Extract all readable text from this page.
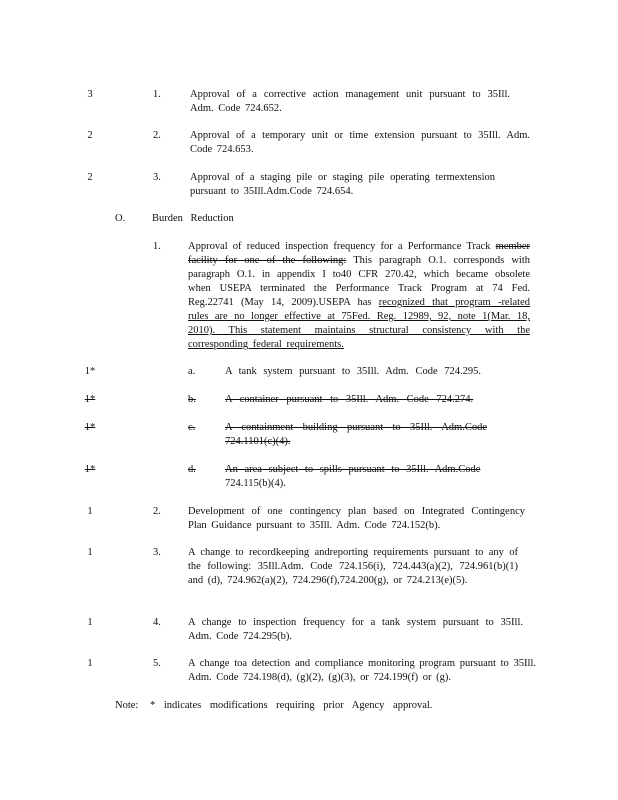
3	1.	Approval of a corrective action management unit pursuant to 35Ill. Adm. Code 724.652.
2	2.	Approval of a temporary unit or time extension pursuant to 35Ill. Adm. Code 724.653.
2	3.	Approval of a staging pile or staging pile operating termextension pursuant to 35Ill.Adm.Code 724.654.
O.	Burden Reduction
1.	Approval of reduced inspection frequency for a Performance Track member facility for one of the following: This paragraph O.1. corresponds with paragraph O.1. in appendix I to40 CFR 270.42, which became obsolete when USEPA terminated the Performance Track Program at 74 Fed. Reg.22741 (May 14, 2009).USEPA has recognized that program -related rules are no longer effective at 75Fed. Reg. 12989, 92, note 1(Mar. 18, 2010). This statement maintains structural consistency with the corresponding federal requirements.
1*	a.	A tank system pursuant to 35Ill. Adm. Code 724.295.
1*	b.	A container pursuant to 35Ill. Adm. Code 724.274.
1*	c.	A containment building pursuant to 35Ill. Adm.Code 724.1101(c)(4).
1*	d.	An area subject to spills pursuant to 35Ill. Adm.Code
724.115(b)(4).
1	2.	Development of one contingency plan based on Integrated Contingency Plan Guidance pursuant to 35Ill. Adm. Code 724.152(b).
1	3.	A change to recordkeeping andreporting requirements pursuant to any of the following: 35Ill.Adm. Code 724.156(i), 724.443(a)(2), 724.961(b)(1) and (d), 724.962(a)(2), 724.296(f),724.200(g), or 724.213(e)(5).
1	4.	A change to inspection frequency for a tank system pursuant to 35Ill. Adm. Code 724.295(b).
1	5.	A change toa detection and compliance monitoring program pursuant to 35Ill. Adm. Code 724.198(d), (g)(2), (g)(3), or 724.199(f) or (g).
Note: * indicates modifications requiring prior Agency approval.
